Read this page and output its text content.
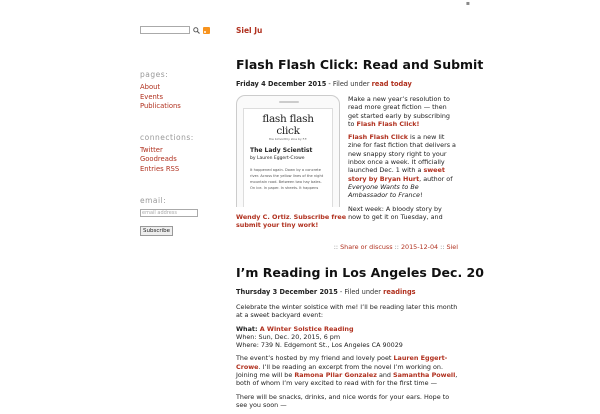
▪
pages:
About
Events
Publications
connections:
Twitter
Goodreads
Entries RSS
email:
email address
Subscribe
Siel Ju
Flash Flash Click: Read and Submit
Friday 4 December 2015 - Filed under read today
flash flash click
the bimonthly zine by F.F.
The Lady Scientist
by Lauren Eggert-Crowe
It happened again. Down by a concrete river. Across the yellow lines of the night mountain road. Between two hay bales. On ice. In paper. In sheets. It happens

Make a new year’s resolution to read more great fiction — then get started early by subscribing to Flash Flash Click!

Flash Flash Click is a new lit zine for fast fiction that delivers a new snappy story right to your inbox once a week. It officially launched Dec. 1 with a sweet story by Bryan Hurt, author of Everyone Wants to Be Ambassador to France!

Next week: A bloody story by Wendy C. Ortiz. Subscribe free now to get it on Tuesday, and submit your tiny work!

:: Share or discuss :: 2015-12-04 :: Siel
I’m Reading in Los Angeles Dec. 20
Thursday 3 December 2015 - Filed under readings

Celebrate the winter solstice with me! I’ll be reading later this month at a sweet backyard event:

What: A Winter Solstice Reading
When: Sun, Dec. 20, 2015, 6 pm
Where: 739 N. Edgemont St., Los Angeles CA 90029

The event’s hosted by my friend and lovely poet Lauren Eggert-Crowe. I’ll be reading an excerpt from the novel I’m working on. Joining me will be Ramona Pilar Gonzalez and Samantha Powell, both of whom I’m very excited to read with for the first time —

There will be snacks, drinks, and nice words for your ears. Hope to see you soon —
